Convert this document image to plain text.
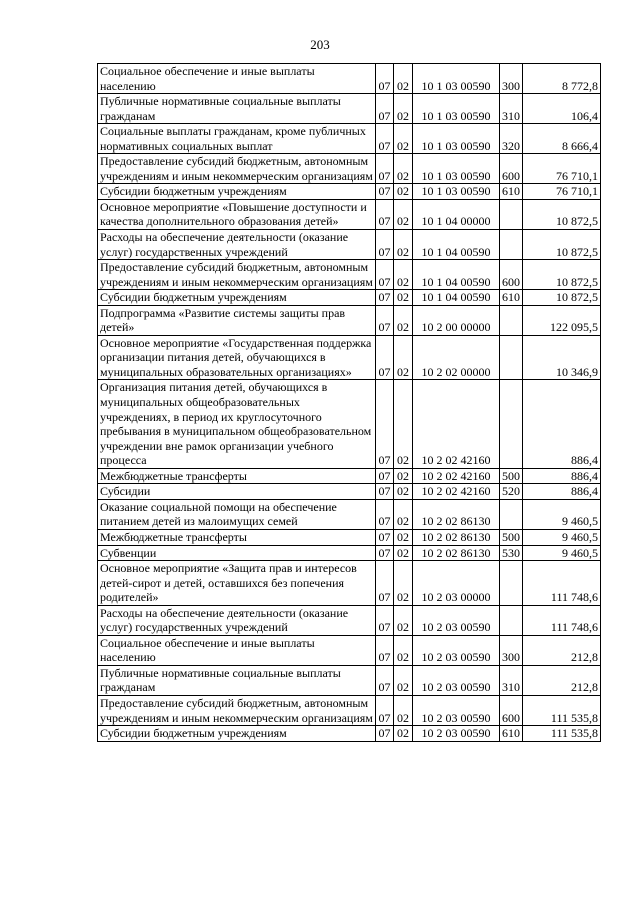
203
Социальное обеспечение и иные выплаты населению	07	02	10 1 03 00590	300	8 772,8
Публичные нормативные социальные выплаты гражданам	07	02	10 1 03 00590	310	106,4
Социальные выплаты гражданам, кроме публичных нормативных социальных выплат	07	02	10 1 03 00590	320	8 666,4
Предоставление субсидий бюджетным, автономным учреждениям и иным некоммерческим организациям	07	02	10 1 03 00590	600	76 710,1
Субсидии бюджетным учреждениям	07	02	10 1 03 00590	610	76 710,1
Основное мероприятие «Повышение доступности и качества дополнительного образования детей»	07	02	10 1 04 00000		10 872,5
Расходы на обеспечение деятельности (оказание услуг) государственных учреждений	07	02	10 1 04 00590		10 872,5
Предоставление субсидий бюджетным, автономным учреждениям и иным некоммерческим организациям	07	02	10 1 04 00590	600	10 872,5
Субсидии бюджетным учреждениям	07	02	10 1 04 00590	610	10 872,5
Подпрограмма «Развитие системы защиты прав детей»	07	02	10 2 00 00000		122 095,5
Основное мероприятие «Государственная поддержка организации питания детей, обучающихся в муниципальных образовательных организациях»	07	02	10 2 02 00000		10 346,9
Организация питания детей, обучающихся в муниципальных общеобразовательных учреждениях, в период их круглосуточного пребывания в муниципальном общеобразовательном учреждении вне рамок организации учебного процесса	07	02	10 2 02 42160		886,4
Межбюджетные трансферты	07	02	10 2 02 42160	500	886,4
Субсидии	07	02	10 2 02 42160	520	886,4
Оказание социальной помощи на обеспечение питанием детей из малоимущих семей	07	02	10 2 02 86130		9 460,5
Межбюджетные трансферты	07	02	10 2 02 86130	500	9 460,5
Субвенции	07	02	10 2 02 86130	530	9 460,5
Основное мероприятие «Защита прав и интересов детей-сирот и детей, оставшихся без попечения родителей»	07	02	10 2 03 00000		111 748,6
Расходы на обеспечение деятельности (оказание услуг) государственных учреждений	07	02	10 2 03 00590		111 748,6
Социальное обеспечение и иные выплаты населению	07	02	10 2 03 00590	300	212,8
Публичные нормативные социальные выплаты гражданам	07	02	10 2 03 00590	310	212,8
Предоставление субсидий бюджетным, автономным учреждениям и иным некоммерческим организациям	07	02	10 2 03 00590	600	111 535,8
Субсидии бюджетным учреждениям	07	02	10 2 03 00590	610	111 535,8
